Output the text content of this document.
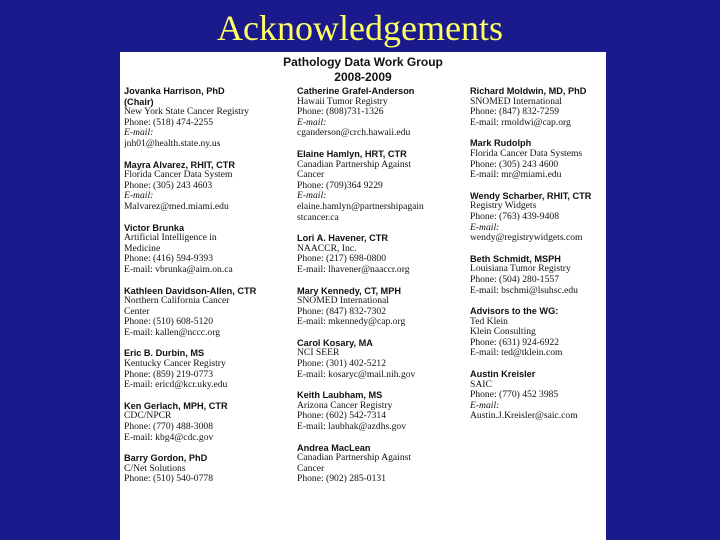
Acknowledgements
Pathology Data Work Group
2008-2009
Jovanka Harrison, PhD
(Chair)
New York State Cancer Registry
Phone: (518) 474-2255
E-mail:
jnh01@health.state.ny.us
Mayra Alvarez, RHIT, CTR
Florida Cancer Data System
Phone: (305) 243 4603
E-mail:
Malvarez@med.miami.edu
Victor Brunka
Artificial Intelligence in
Medicine
Phone: (416) 594-9393
E-mail: vbrunka@aim.on.ca
Kathleen Davidson-Allen, CTR
Northern California Cancer
Center
Phone: (510) 608-5120
E-mail: kallen@nccc.org
Eric B. Durbin, MS
Kentucky Cancer Registry
Phone: (859) 219-0773
E-mail: ericd@kcr.uky.edu
Ken Gerlach, MPH, CTR
CDC/NPCR
Phone: (770) 488-3008
E-mail: kbg4@cdc.gov
Barry Gordon, PhD
C/Net Solutions
Phone: (510) 540-0778
Catherine Grafel-Anderson
Hawaii Tumor Registry
Phone: (808)731-1326
E-mail:
cganderson@crch.hawaii.edu
Elaine Hamlyn, HRT, CTR
Canadian Partnership Against
Cancer
Phone: (709)364 9229
E-mail:
elaine.hamlyn@partnershipagain
stcancer.ca
Lori A. Havener, CTR
NAACCR, Inc.
Phone: (217) 698-0800
E-mail: lhavener@naaccr.org
Mary Kennedy, CT, MPH
SNOMED International
Phone: (847) 832-7302
E-mail: mkennedy@cap.org
Carol Kosary, MA
NCI SEER
Phone: (301) 402-5212
E-mail: kosaryc@mail.nih.gov
Keith Laubham, MS
Arizona Cancer Registry
Phone: (602) 542-7314
E-mail: laubhak@azdhs.gov
Andrea MacLean
Canadian Partnership Against
Cancer
Phone: (902) 285-0131
Richard Moldwin, MD, PhD
SNOMED International
Phone: (847) 832-7259
E-mail: rmoldwi@cap.org
Mark Rudolph
Florida Cancer Data Systems
Phone: (305) 243 4600
E-mail: mr@miami.edu
Wendy Scharber, RHIT, CTR
Registry Widgets
Phone: (763) 439-9408
E-mail:
wendy@registrywidgets.com
Beth Schmidt, MSPH
Louisiana Tumor Registry
Phone: (504) 280-1557
E-mail: bschmi@lsuhsc.edu
Advisors to the WG:
Ted Klein
Klein Consulting
Phone: (631) 924-6922
E-mail: ted@tklein.com
Austin Kreisler
SAIC
Phone: (770) 452 3985
E-mail:
Austin.J.Kreisler@saic.com
